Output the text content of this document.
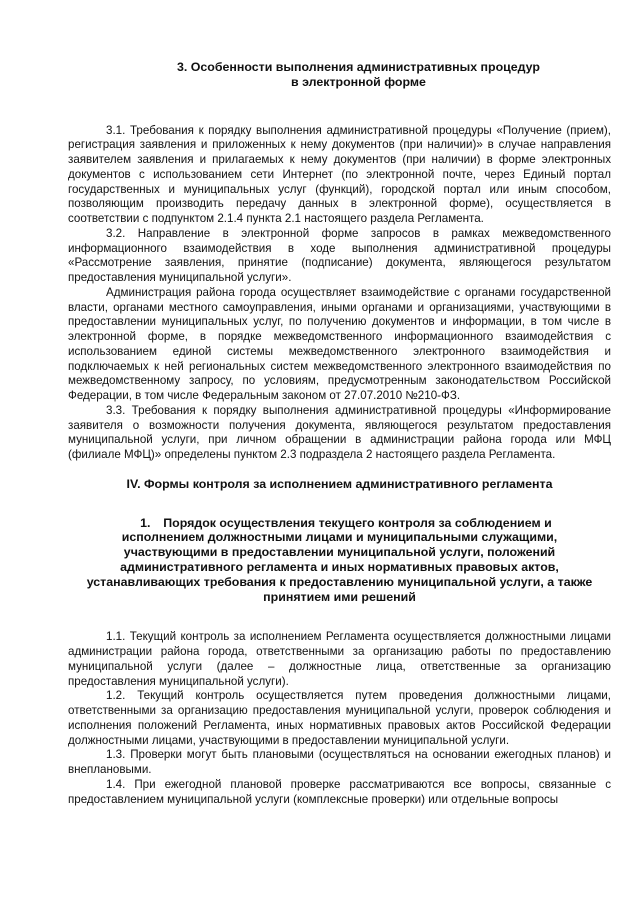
3. Особенности выполнения административных процедур
в электронной форме

3.1. Требования к порядку выполнения административной процедуры «Получение (прием), регистрация заявления и приложенных к нему документов (при наличии)» в случае направления заявителем заявления и прилагаемых к нему документов (при наличии) в форме электронных документов с использованием сети Интернет (по электронной почте, через Единый портал государственных и муниципальных услуг (функций), городской портал или иным способом, позволяющим производить передачу данных в электронной форме), осуществляется в соответствии с подпунктом 2.1.4 пункта 2.1 настоящего раздела Регламента.

3.2. Направление в электронной форме запросов в рамках межведомственного информационного взаимодействия в ходе выполнения административной процедуры «Рассмотрение заявления, принятие (подписание) документа, являющегося результатом предоставления муниципальной услуги».

Администрация района города осуществляет взаимодействие с органами государственной власти, органами местного самоуправления, иными органами и организациями, участвующими в предоставлении муниципальных услуг, по получению документов и информации, в том числе в электронной форме, в порядке межведомственного информационного взаимодействия с использованием единой системы межведомственного электронного взаимодействия и подключаемых к ней региональных систем межведомственного электронного взаимодействия по межведомственному запросу, по условиям, предусмотренным законодательством Российской Федерации, в том числе Федеральным законом от 27.07.2010 №210-ФЗ.

3.3. Требования к порядку выполнения административной процедуры «Информирование заявителя о возможности получения документа, являющегося результатом предоставления муниципальной услуги, при личном обращении в администрации района города или МФЦ (филиале МФЦ)» определены пунктом 2.3 подраздела 2 настоящего раздела Регламента.

IV. Формы контроля за исполнением административного регламента
1. Порядок осуществления текущего контроля за соблюдением и
исполнением должностными лицами и муниципальными служащими,
участвующими в предоставлении муниципальной услуги, положений
административного регламента и иных нормативных правовых актов,
устанавливающих требования к предоставлению муниципальной услуги, а также
принятием ими решений

1.1. Текущий контроль за исполнением Регламента осуществляется должностными лицами администрации района города, ответственными за организацию работы по предоставлению муниципальной услуги (далее – должностные лица, ответственные за организацию предоставления муниципальной услуги).

1.2. Текущий контроль осуществляется путем проведения должностными лицами, ответственными за организацию предоставления муниципальной услуги, проверок соблюдения и исполнения положений Регламента, иных нормативных правовых актов Российской Федерации должностными лицами, участвующими в предоставлении муниципальной услуги.

1.3. Проверки могут быть плановыми (осуществляться на основании ежегодных планов) и внеплановыми.

1.4. При ежегодной плановой проверке рассматриваются все вопросы, связанные с предоставлением муниципальной услуги (комплексные проверки) или отдельные вопросы
